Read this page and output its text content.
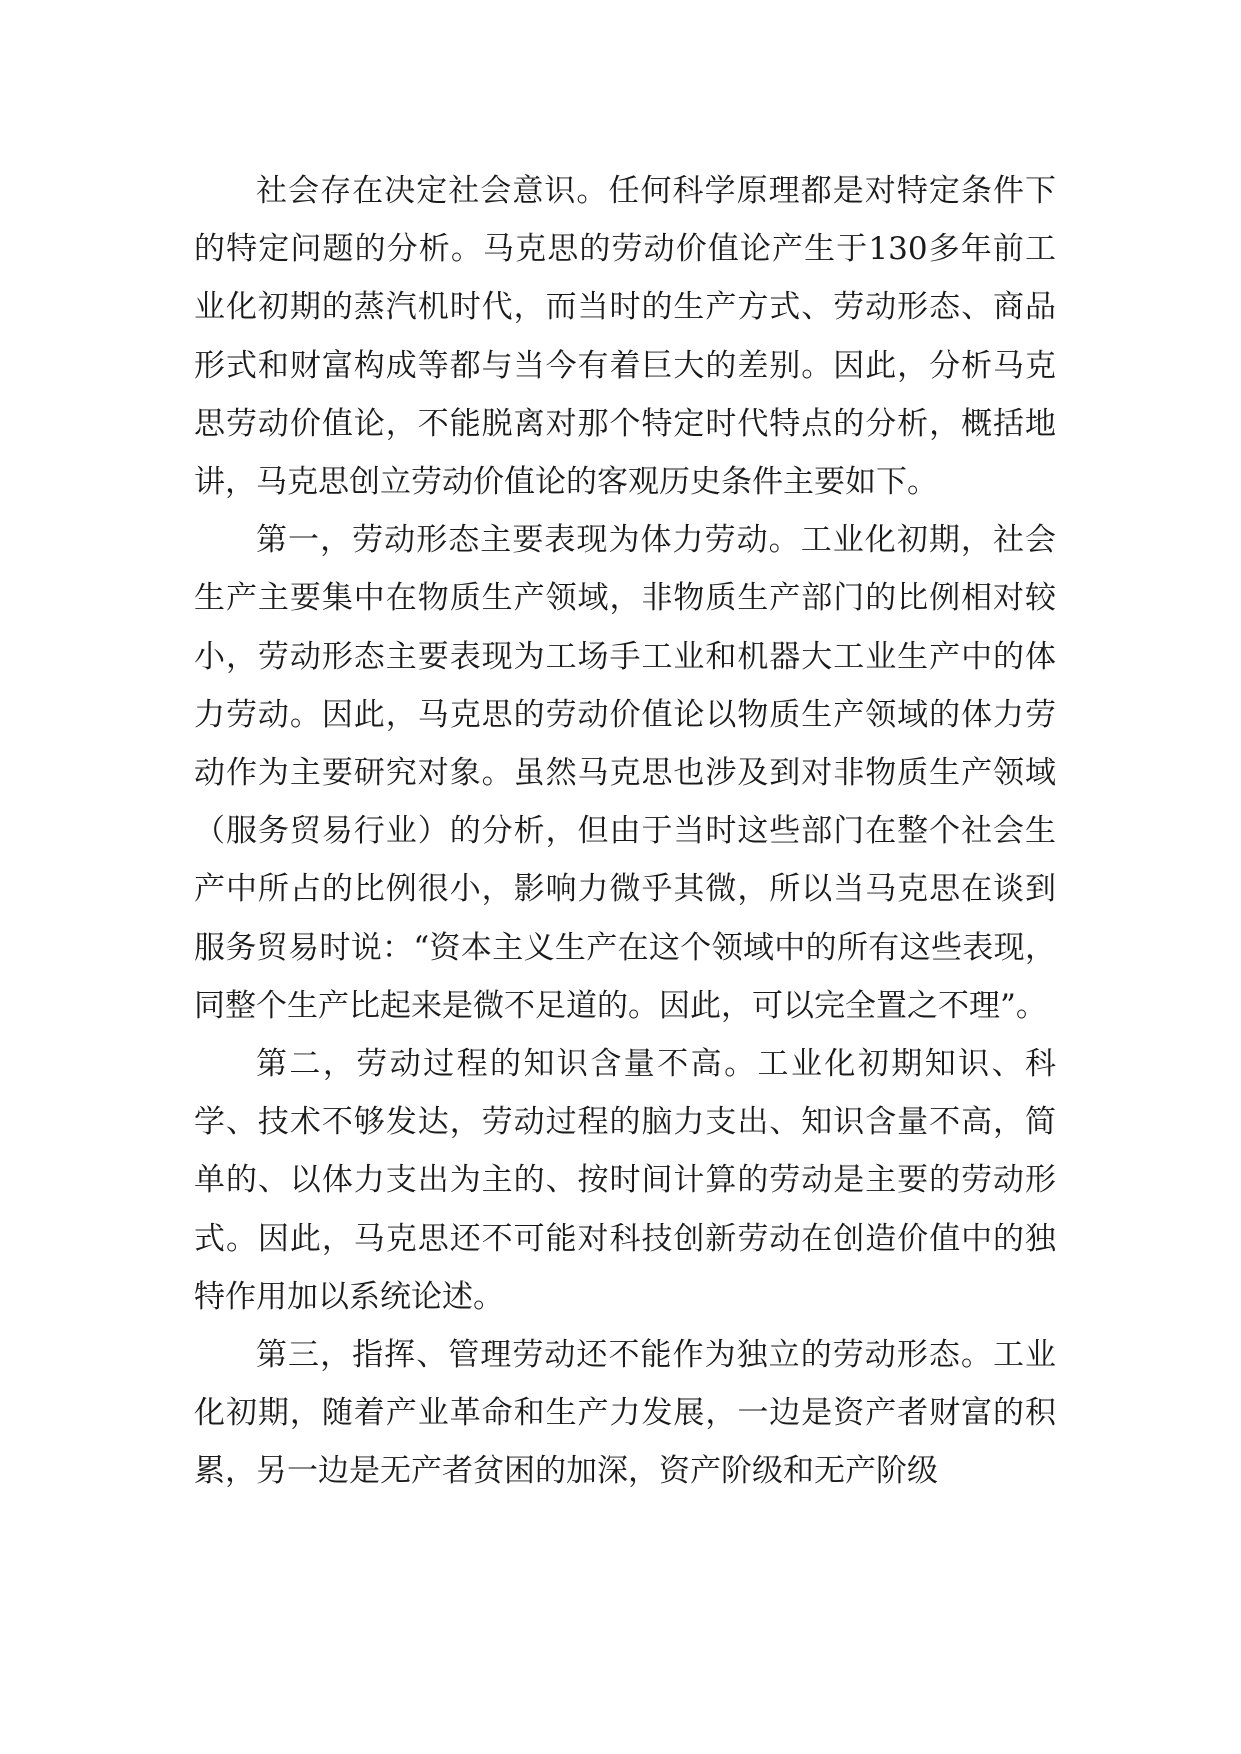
社会存在决定社会意识。任何科学原理都是对特定条件下的特定问题的分析。马克思的劳动价值论产生于130多年前工业化初期的蒸汽机时代，而当时的生产方式、劳动形态、商品形式和财富构成等都与当今有着巨大的差别。因此，分析马克思劳动价值论，不能脱离对那个特定时代特点的分析，概括地讲，马克思创立劳动价值论的客观历史条件主要如下。

第一，劳动形态主要表现为体力劳动。工业化初期，社会生产主要集中在物质生产领域，非物质生产部门的比例相对较小，劳动形态主要表现为工场手工业和机器大工业生产中的体力劳动。因此，马克思的劳动价值论以物质生产领域的体力劳动作为主要研究对象。虽然马克思也涉及到对非物质生产领域（服务贸易行业）的分析，但由于当时这些部门在整个社会生产中所占的比例很小，影响力微乎其微，所以当马克思在谈到服务贸易时说：“资本主义生产在这个领域中的所有这些表现，同整个生产比起来是微不足道的。因此，可以完全置之不理”。

第二，劳动过程的知识含量不高。工业化初期知识、科学、技术不够发达，劳动过程的脑力支出、知识含量不高，简单的、以体力支出为主的、按时间计算的劳动是主要的劳动形式。因此，马克思还不可能对科技创新劳动在创造价值中的独特作用加以系统论述。

第三，指挥、管理劳动还不能作为独立的劳动形态。工业化初期，随着产业革命和生产力发展，一边是资产者财富的积累，另一边是无产者贫困的加深，资产阶级和无产阶级
